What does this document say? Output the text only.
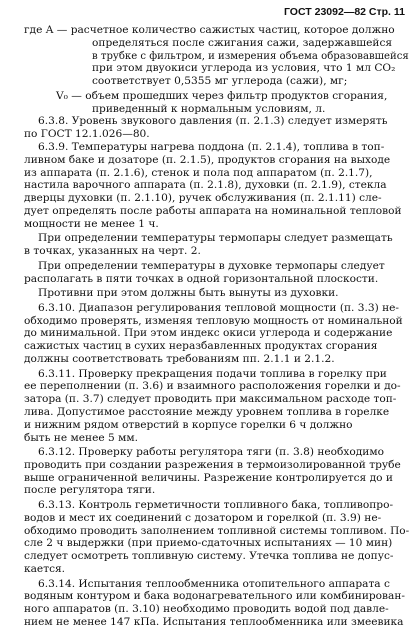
ГОСТ 23092—82 Стр. 11
где A — расчетное количество сажистых частиц, которое должно
определяться после сжигания сажи, задержавшейся
в трубке с фильтром, и измерения объема образовавшейся
при этом двуокиси углерода из условия, что 1 мл CO₂
соответствует 0,5355 мг углерода (сажи), мг;
V₀ — объем прошедших через фильтр продуктов сгорания,
приведенный к нормальным условиям, л.
6.3.8. Уровень звукового давления (п. 2.1.3) следует измерять
по ГОСТ 12.1.026—80.
6.3.9. Температуры нагрева поддона (п. 2.1.4), топлива в топ-
ливном баке и дозаторе (п. 2.1.5), продуктов сгорания на выходе
из аппарата (п. 2.1.6), стенок и пола под аппаратом (п. 2.1.7),
настила варочного аппарата (п. 2.1.8), духовки (п. 2.1.9), стекла
дверцы духовки (п. 2.1.10), ручек обслуживания (п. 2.1.11) сле-
дует определять после работы аппарата на номинальной тепловой
мощности не менее 1 ч.
При определении температуры термопары следует размещать
в точках, указанных на черт. 2.
При определении температуры в духовке термопары следует
располагать в пяти точках в одной горизонтальной плоскости.
Противни при этом должны быть вынуты из духовки.
6.3.10. Диапазон регулирования тепловой мощности (п. 3.3) не-
обходимо проверять, изменяя тепловую мощность от номинальной
до минимальной. При этом индекс окиси углерода и содержание
сажистых частиц в сухих неразбавленных продуктах сгорания
должны соответствовать требованиям пп. 2.1.1 и 2.1.2.
6.3.11. Проверку прекращения подачи топлива в горелку при
ее переполнении (п. 3.6) и взаимного расположения горелки и до-
затора (п. 3.7) следует проводить при максимальном расходе топ-
лива. Допустимое расстояние между уровнем топлива в горелке
и нижним рядом отверстий в корпусе горелки 6 ч должно
быть не менее 5 мм.
6.3.12. Проверку работы регулятора тяги (п. 3.8) необходимо
проводить при создании разрежения в термоизолированной трубе
выше ограниченной величины. Разрежение контролируется до и
после регулятора тяги.
6.3.13. Контроль герметичности топливного бака, топливопро-
водов и мест их соединений с дозатором и горелкой (п. 3.9) не-
обходимо проводить заполнением топливной системы топливом. По-
сле 2 ч выдержки (при приемо-сдаточных испытаниях — 10 мин)
следует осмотреть топливную систему. Утечка топлива не допус-
кается.
6.3.14. Испытания теплообменника отопительного аппарата с
водяным контуром и бака водонагревательного или комбинирован-
ного аппаратов (п. 3.10) необходимо проводить водой под давле-
нием не менее 147 кПа. Испытания теплообменника или змеевика
